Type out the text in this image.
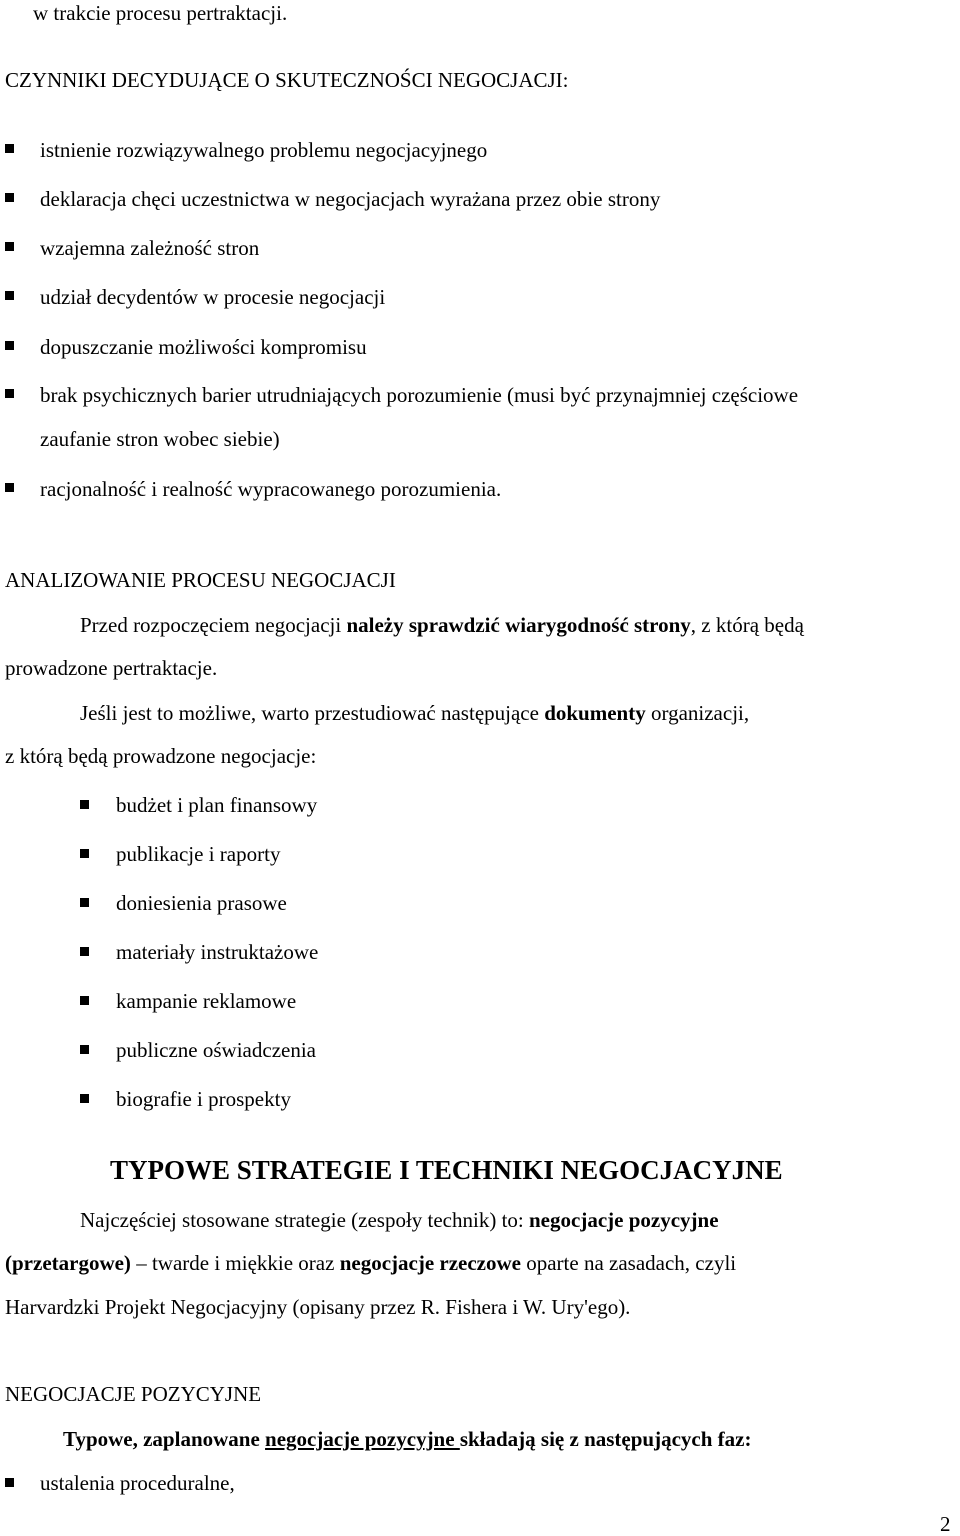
w trakcie procesu pertraktacji.
CZYNNIKI DECYDUJĄCE O SKUTECZNOŚCI NEGOCJACJI:
istnienie rozwiązywalnego problemu negocjacyjnego
deklaracja chęci uczestnictwa w negocjacjach wyrażana przez obie strony
wzajemna zależność stron
udział decydentów w procesie negocjacji
dopuszczanie możliwości kompromisu
brak psychicznych barier utrudniających porozumienie (musi być przynajmniej częściowe
zaufanie stron wobec siebie)
racjonalność i realność wypracowanego porozumienia.
ANALIZOWANIE PROCESU NEGOCJACJI
Przed rozpoczęciem negocjacji należy sprawdzić wiarygodność strony, z którą będą
prowadzone pertraktacje.
Jeśli jest to możliwe, warto przestudiować następujące dokumenty organizacji,
z którą będą prowadzone negocjacje:
budżet i plan finansowy
publikacje i raporty
doniesienia prasowe
materiały instruktażowe
kampanie reklamowe
publiczne oświadczenia
biografie i prospekty
TYPOWE STRATEGIE I TECHNIKI NEGOCJACYJNE
Najczęściej stosowane strategie (zespoły technik) to: negocjacje pozycyjne
(przetargowe) – twarde i miękkie oraz negocjacje rzeczowe oparte na zasadach, czyli
Harvardzki Projekt Negocjacyjny (opisany przez R. Fishera i W. Ury'ego).
NEGOCJACJE POZYCYJNE
Typowe, zaplanowane negocjacje pozycyjne składają się z następujących faz:
ustalenia proceduralne,
2
